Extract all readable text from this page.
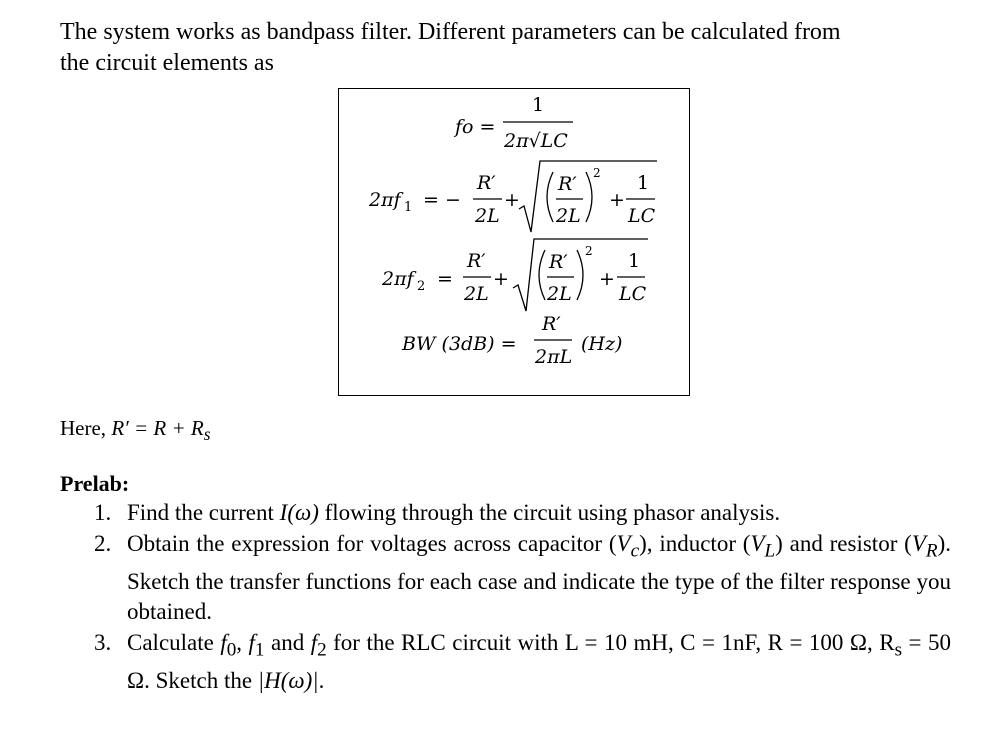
The system works as bandpass filter. Different parameters can be calculated from
the circuit elements as
fo =
1
2π√LC
2πf 1 = −
R′
2L
+
R′
2L
2
+
1
LC
2πf 2 =
R′
2L
+
R′
2L
2
+
1
LC
BW (3dB) =
R′
2πL
(Hz)
Here, $R' = R + R_s$
Prelab:
1. Find the current I(ω) flowing through the circuit using phasor analysis.
2. Obtain the expression for voltages across capacitor $(V_c)$, inductor $(V_L)$ and resistor $(V_R)$. Sketch the transfer functions for each case and indicate the type of the filter response you obtained.
3. Calculate $f_0$, $f_1$ and $f_2$ for the RLC circuit with L = 10 mH, C = 1nF, R = 100 Ω, $R_s = 50$ Ω. Sketch the |H(ω)|.
